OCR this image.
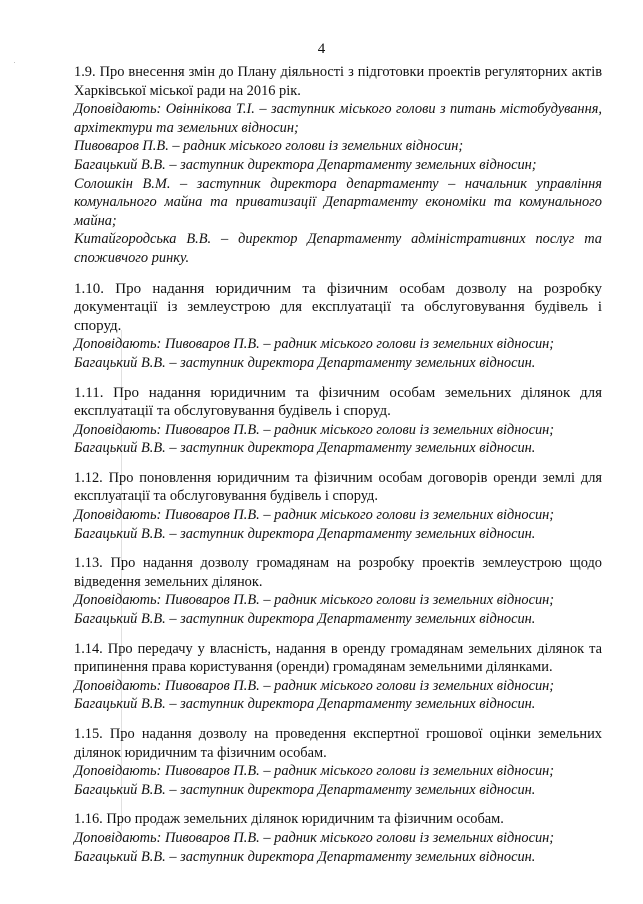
4

1.9. Про внесення змін до Плану діяльності з підготовки проектів регуляторних актів Харківської міської ради на 2016 рік.

Доповідають: Овіннікова Т.І. – заступник міського голови з питань містобудування, архітектури та земельних відносин;

Пивоваров П.В. – радник міського голови із земельних відносин;

Багацький В.В. – заступник директора Департаменту земельних відносин;

Солошкін В.М. – заступник директора департаменту – начальник управління комунального майна та приватизації Департаменту економіки та комунального майна;

Китайгородська В.В. – директор Департаменту адміністративних послуг та споживчого ринку.

1.10. Про надання юридичним та фізичним особам дозволу на розробку документації із землеустрою для експлуатації та обслуговування будівель і споруд.

Доповідають: Пивоваров П.В. – радник міського голови із земельних відносин;

Багацький В.В. – заступник директора Департаменту земельних відносин.

1.11. Про надання юридичним та фізичним особам земельних ділянок для експлуатації та обслуговування будівель і споруд.

Доповідають: Пивоваров П.В. – радник міського голови із земельних відносин;

Багацький В.В. – заступник директора Департаменту земельних відносин.

1.12. Про поновлення юридичним та фізичним особам договорів оренди землі для експлуатації та обслуговування будівель і споруд.

Доповідають: Пивоваров П.В. – радник міського голови із земельних відносин;

Багацький В.В. – заступник директора Департаменту земельних відносин.

1.13. Про надання дозволу громадянам на розробку проектів землеустрою щодо відведення земельних ділянок.

Доповідають: Пивоваров П.В. – радник міського голови із земельних відносин;

Багацький В.В. – заступник директора Департаменту земельних відносин.

1.14. Про передачу у власність, надання в оренду громадянам земельних ділянок та припинення права користування (оренди) громадянам земельними ділянками.

Доповідають: Пивоваров П.В. – радник міського голови із земельних відносин;

Багацький В.В. – заступник директора Департаменту земельних відносин.

1.15. Про надання дозволу на проведення експертної грошової оцінки земельних ділянок юридичним та фізичним особам.

Доповідають: Пивоваров П.В. – радник міського голови із земельних відносин;

Багацький В.В. – заступник директора Департаменту земельних відносин.

1.16. Про продаж земельних ділянок юридичним та фізичним особам.

Доповідають: Пивоваров П.В. – радник міського голови із земельних відносин;

Багацький В.В. – заступник директора Департаменту земельних відносин.
